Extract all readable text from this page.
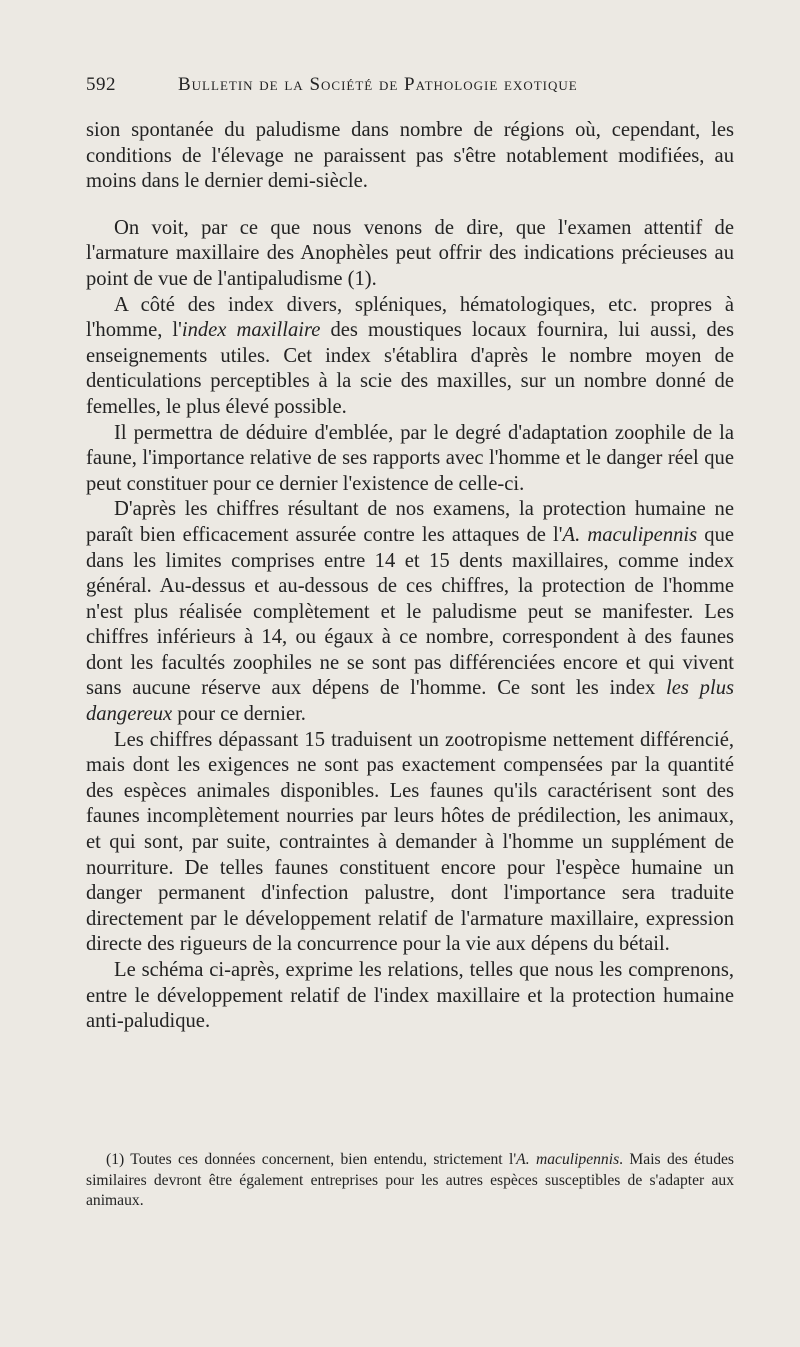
592	Bulletin de la Société de Pathologie exotique

sion spontanée du paludisme dans nombre de régions où, cependant, les conditions de l'élevage ne paraissent pas s'être notablement modifiées, au moins dans le dernier demi-siècle.

On voit, par ce que nous venons de dire, que l'examen attentif de l'armature maxillaire des Anophèles peut offrir des indications précieuses au point de vue de l'antipaludisme (1).

A côté des index divers, spléniques, hématologiques, etc. propres à l'homme, l'index maxillaire des moustiques locaux fournira, lui aussi, des enseignements utiles. Cet index s'établira d'après le nombre moyen de denticulations perceptibles à la scie des maxilles, sur un nombre donné de femelles, le plus élevé possible.

Il permettra de déduire d'emblée, par le degré d'adaptation zoophile de la faune, l'importance relative de ses rapports avec l'homme et le danger réel que peut constituer pour ce dernier l'existence de celle-ci.

D'après les chiffres résultant de nos examens, la protection humaine ne paraît bien efficacement assurée contre les attaques de l'A. maculipennis que dans les limites comprises entre 14 et 15 dents maxillaires, comme index général. Au-dessus et au-dessous de ces chiffres, la protection de l'homme n'est plus réalisée complètement et le paludisme peut se manifester. Les chiffres inférieurs à 14, ou égaux à ce nombre, correspondent à des faunes dont les facultés zoophiles ne se sont pas différenciées encore et qui vivent sans aucune réserve aux dépens de l'homme. Ce sont les index les plus dangereux pour ce dernier.

Les chiffres dépassant 15 traduisent un zootropisme nettement différencié, mais dont les exigences ne sont pas exactement compensées par la quantité des espèces animales disponibles. Les faunes qu'ils caractérisent sont des faunes incomplètement nourries par leurs hôtes de prédilection, les animaux, et qui sont, par suite, contraintes à demander à l'homme un supplément de nourriture. De telles faunes constituent encore pour l'espèce humaine un danger permanent d'infection palustre, dont l'importance sera traduite directement par le développement relatif de l'armature maxillaire, expression directe des rigueurs de la concurrence pour la vie aux dépens du bétail.

Le schéma ci-après, exprime les relations, telles que nous les comprenons, entre le développement relatif de l'index maxillaire et la protection humaine anti-paludique.

(1) Toutes ces données concernent, bien entendu, strictement l'A. maculipennis. Mais des études similaires devront être également entreprises pour les autres espèces susceptibles de s'adapter aux animaux.
